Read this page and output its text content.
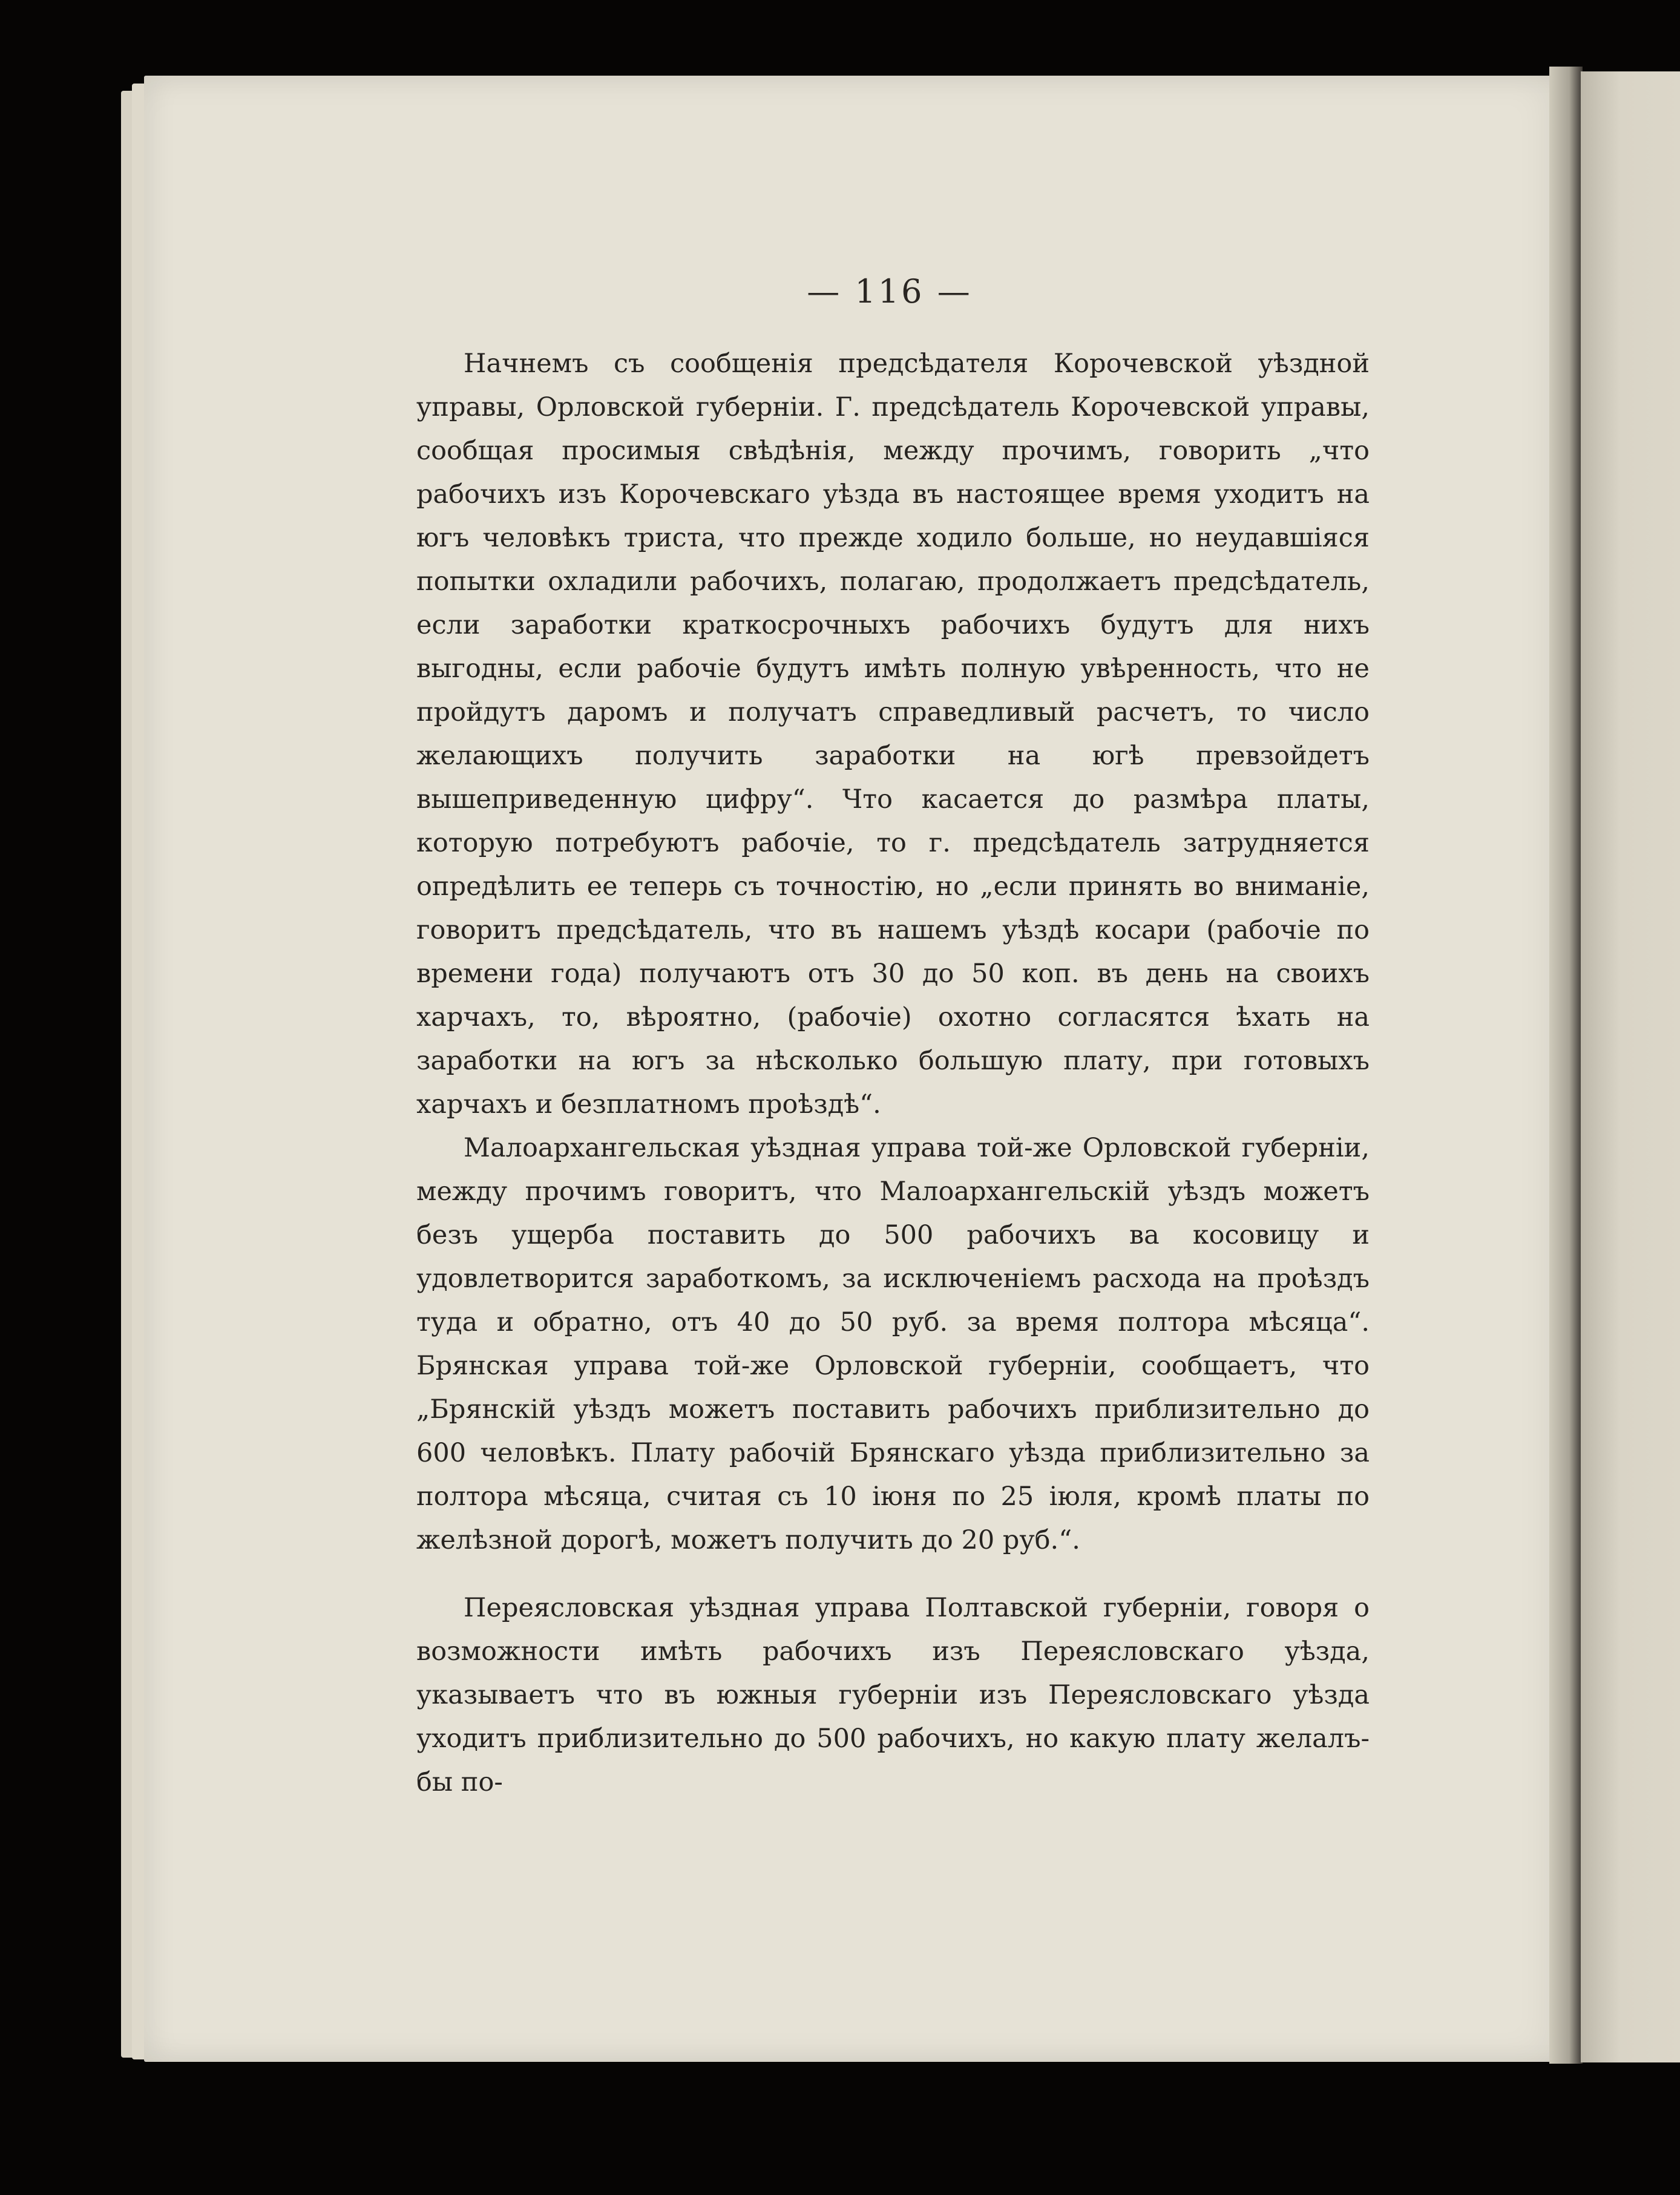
— 116 —

Начнемъ съ сообщенія предсѣдателя Корочевской уѣздной управы, Орловской губерніи. Г. предсѣдатель Корочевской управы, сообщая просимыя свѣдѣнія, между прочимъ, говорить „что рабочихъ изъ Корочевскаго уѣзда въ настоящее время уходитъ на югъ человѣкъ триста, что прежде ходило больше, но неудавшіяся попытки охладили рабочихъ, полагаю, продолжаетъ предсѣдатель, если заработки краткосрочныхъ рабочихъ будутъ для нихъ выгодны, если рабочіе будутъ имѣть полную увѣренность, что не пройдутъ даромъ и получатъ справедливый расчетъ, то число желающихъ получить заработки на югѣ превзойдетъ вышеприведенную цифру“. Что касается до размѣра платы, которую потребуютъ рабочіе, то г. предсѣдатель затрудняется опредѣлить ее теперь съ точностію, но „если принять во вниманіе, говоритъ предсѣдатель, что въ нашемъ уѣздѣ косари (рабочіе по времени года) получаютъ отъ 30 до 50 коп. въ день на своихъ харчахъ, то, вѣроятно, (рабочіе) охотно согласятся ѣхать на заработки на югъ за нѣсколько большую плату, при готовыхъ харчахъ и безплатномъ проѣздѣ“.

Малоархангельская уѣздная управа той-же Орловской губерніи, между прочимъ говоритъ, что Малоархангельскій уѣздъ можетъ безъ ущерба поставить до 500 рабочихъ ва косовицу и удовлетворится заработкомъ, за исключеніемъ расхода на проѣздъ туда и обратно, отъ 40 до 50 руб. за время полтора мѣсяца“. Брянская управа той-же Орловской губерніи, сообщаетъ, что „Брянскій уѣздъ можетъ поставить рабочихъ приблизительно до 600 человѣкъ. Плату рабочій Брянскаго уѣзда приблизительно за полтора мѣсяца, считая съ 10 іюня по 25 іюля, кромѣ платы по желѣзной дорогѣ, можетъ получить до 20 руб.“.

Переясловская уѣздная управа Полтавской губерніи, говоря о возможности имѣть рабочихъ изъ Переясловскаго уѣзда, указываетъ что въ южныя губерніи изъ Переясловскаго уѣзда уходитъ приблизительно до 500 рабочихъ, но какую плату желалъ-бы по-
